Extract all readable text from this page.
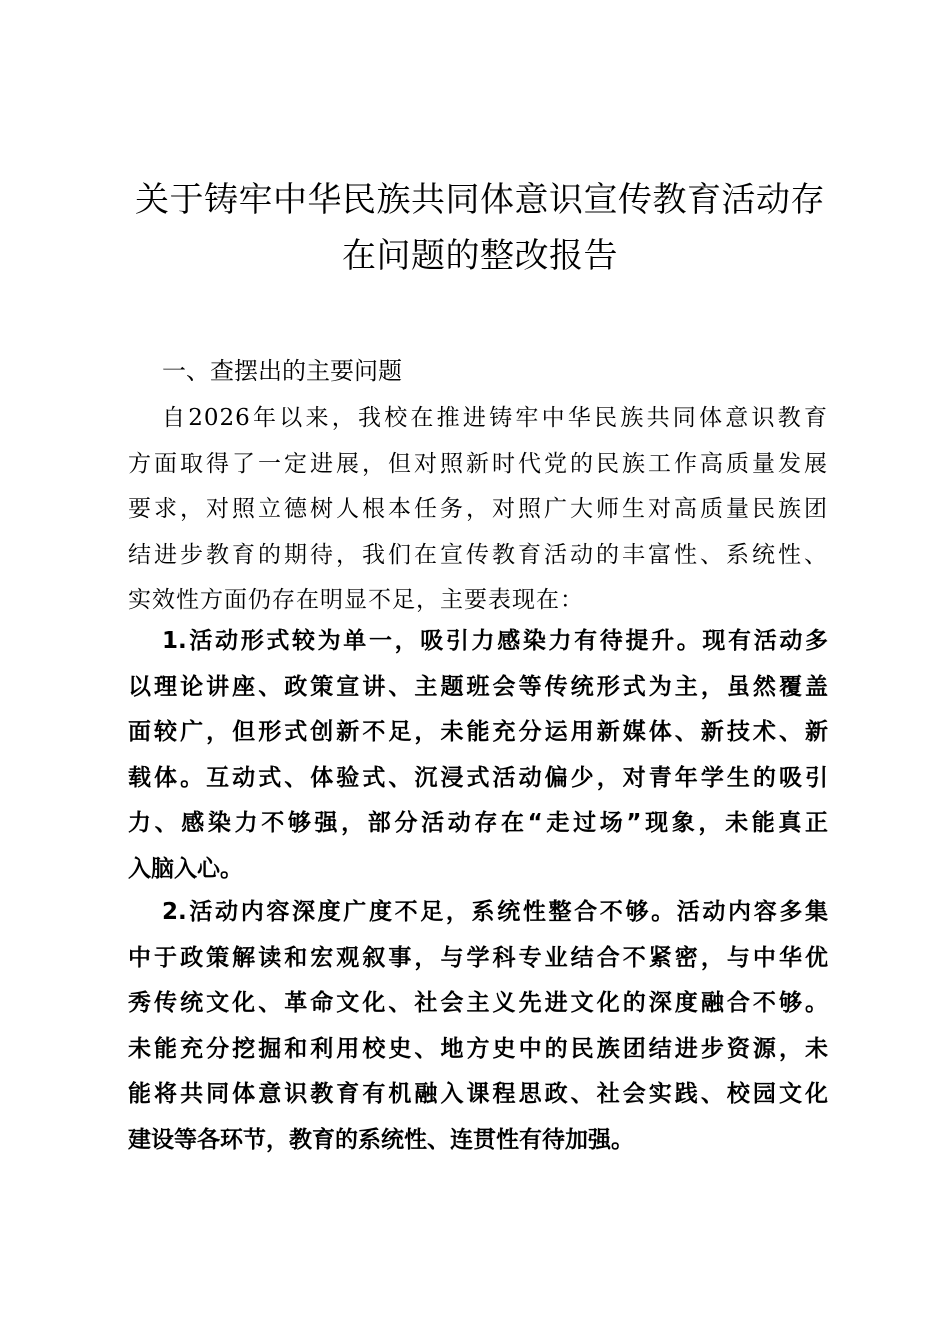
关于铸牢中华民族共同体意识宣传教育活动存
在问题的整改报告
一、查摆出的主要问题

自2026年以来，我校在推进铸牢中华民族共同体意识教育
方面取得了一定进展，但对照新时代党的民族工作高质量发展
要求，对照立德树人根本任务，对照广大师生对高质量民族团
结进步教育的期待，我们在宣传教育活动的丰富性、系统性、
实效性方面仍存在明显不足，主要表现在：

1.活动形式较为单一，吸引力感染力有待提升。现有活动多
以理论讲座、政策宣讲、主题班会等传统形式为主，虽然覆盖
面较广，但形式创新不足，未能充分运用新媒体、新技术、新
载体。互动式、体验式、沉浸式活动偏少，对青年学生的吸引
力、感染力不够强，部分活动存在“走过场”现象，未能真正
入脑入心。

2.活动内容深度广度不足，系统性整合不够。活动内容多集
中于政策解读和宏观叙事，与学科专业结合不紧密，与中华优
秀传统文化、革命文化、社会主义先进文化的深度融合不够。
未能充分挖掘和利用校史、地方史中的民族团结进步资源，未
能将共同体意识教育有机融入课程思政、社会实践、校园文化
建设等各环节，教育的系统性、连贯性有待加强。
